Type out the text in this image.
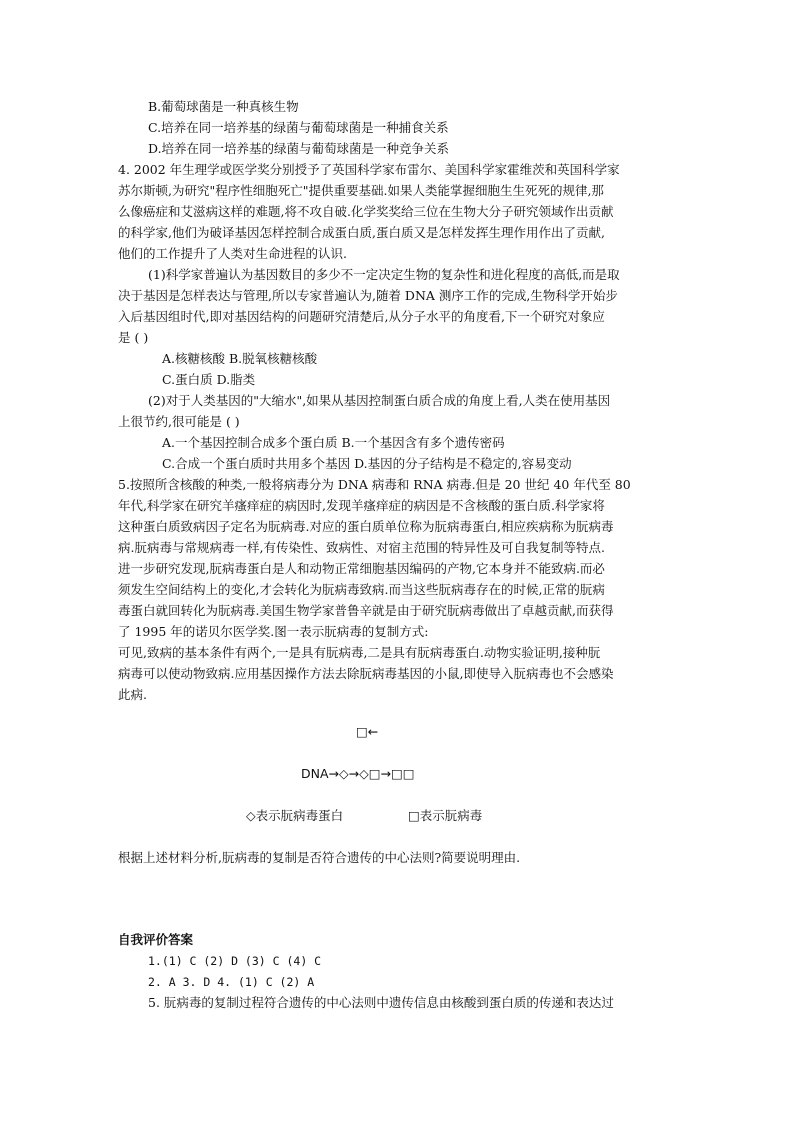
B.葡萄球菌是一种真核生物
C.培养在同一培养基的绿菌与葡萄球菌是一种捕食关系
D.培养在同一培养基的绿菌与葡萄球菌是一种竞争关系
4. 2002 年生理学或医学奖分别授予了英国科学家布雷尔、美国科学家霍维茨和英国科学家
苏尔斯顿,为研究"程序性细胞死亡"提供重要基础.如果人类能掌握细胞生生死死的规律,那
么像癌症和艾滋病这样的难题,将不攻自破.化学奖奖给三位在生物大分子研究领域作出贡献
的科学家,他们为破译基因怎样控制合成蛋白质,蛋白质又是怎样发挥生理作用作出了贡献,
他们的工作提升了人类对生命进程的认识.
(1)科学家普遍认为基因数目的多少不一定决定生物的复杂性和进化程度的高低,而是取
决于基因是怎样表达与管理,所以专家普遍认为,随着 DNA 测序工作的完成,生物科学开始步
入后基因组时代,即对基因结构的问题研究清楚后,从分子水平的角度看,下一个研究对象应
是 ( )
A.核糖核酸 B.脱氧核糖核酸
C.蛋白质 D.脂类
(2)对于人类基因的"大缩水",如果从基因控制蛋白质合成的角度上看,人类在使用基因
上很节约,很可能是 ( )
A.一个基因控制合成多个蛋白质 B.一个基因含有多个遗传密码
C.合成一个蛋白质时共用多个基因 D.基因的分子结构是不稳定的,容易变动
5.按照所含核酸的种类,一般将病毒分为 DNA 病毒和 RNA 病毒.但是 20 世纪 40 年代至 80
年代,科学家在研究羊瘙痒症的病因时,发现羊瘙痒症的病因是不含核酸的蛋白质.科学家将
这种蛋白质致病因子定名为朊病毒.对应的蛋白质单位称为朊病毒蛋白,相应疾病称为朊病毒
病.朊病毒与常规病毒一样,有传染性、致病性、对宿主范围的特异性及可自我复制等特点.
进一步研究发现,朊病毒蛋白是人和动物正常细胞基因编码的产物,它本身并不能致病.而必
须发生空间结构上的变化,才会转化为朊病毒致病.而当这些朊病毒存在的时候,正常的朊病
毒蛋白就回转化为朊病毒.美国生物学家普鲁辛就是由于研究朊病毒做出了卓越贡献,而获得
了 1995 年的诺贝尔医学奖.图一表示朊病毒的复制方式:
可见,致病的基本条件有两个,一是具有朊病毒,二是具有朊病毒蛋白.动物实验证明,接种朊
病毒可以使动物致病.应用基因操作方法去除朊病毒基因的小鼠,即使导入朊病毒也不会感染
此病.
□←
DNA→◇→◇□→□□
◇表示朊病毒蛋白	□表示朊病毒
根据上述材料分析,朊病毒的复制是否符合遗传的中心法则?简要说明理由.
自我评价答案
1.(1) C (2) D (3) C (4) C
2. A 3. D 4. (1) C (2) A
5. 朊病毒的复制过程符合遗传的中心法则中遗传信息由核酸到蛋白质的传递和表达过
